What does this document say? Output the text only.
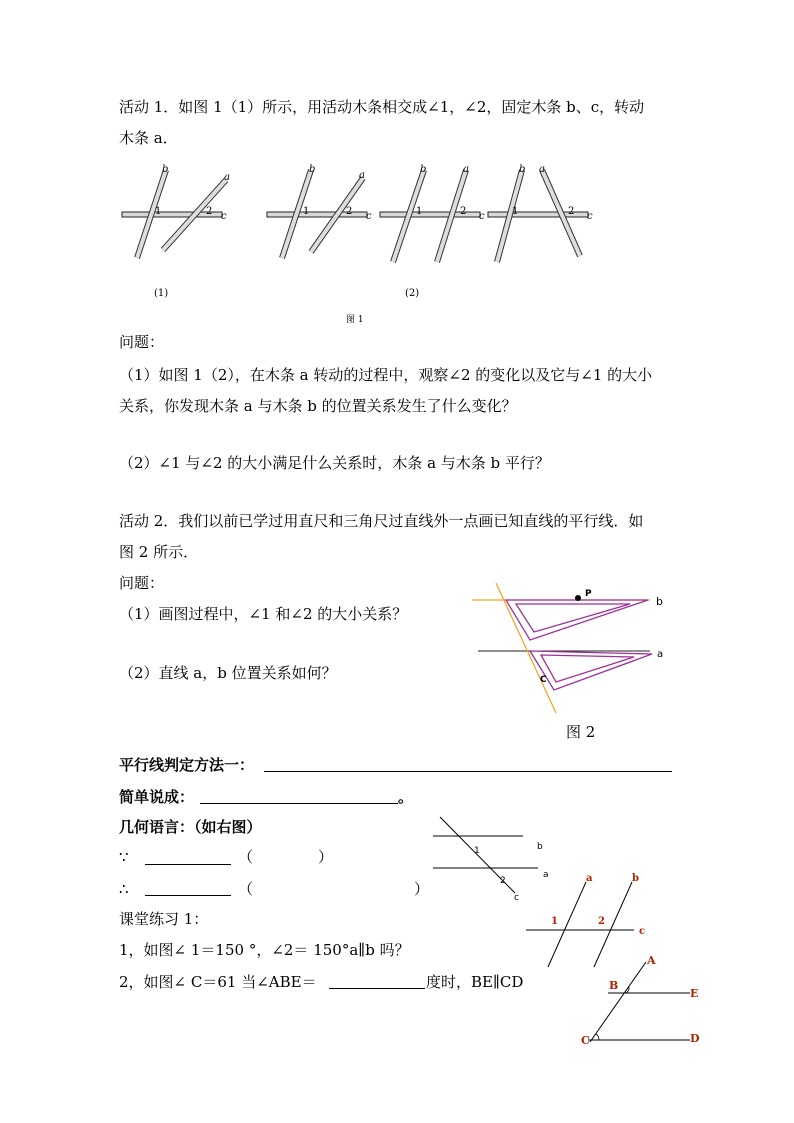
活动 1．如图 1（1）所示，用活动木条相交成∠1，∠2，固定木条 b、c，转动
木条 a．
b
a
1	2 c
b
a
1	2 c
b	a
1	2 c
b a
1	2 c
(1)	(2)
图 1
问题：
（1）如图 1（2），在木条 a 转动的过程中，观察∠2 的变化以及它与∠1 的大小
关系，你发现木条 a 与木条 b 的位置关系发生了什么变化？
（2）∠1 与∠2 的大小满足什么关系时，木条 a 与木条 b 平行？
活动 2．我们以前已学过用直尺和三角尺过直线外一点画已知直线的平行线．如
图 2 所示．
问题：
（1）画图过程中，∠1 和∠2 的大小关系？
（2）直线 a，b 位置关系如何？
P
b
a
C
图 2
平行线判定方法一：
简单说成：	。
几何语言：（如右图）
∵	（	）
∴	（	）
b
a
1
2
c
课堂练习 1：
1，如图∠ 1＝150 °，∠2＝ 150°a∥b 吗？
2，如图∠ C＝61 当∠ABE＝	度时，BE∥CD
a	b
1	2
c
A
B
E
C	D
